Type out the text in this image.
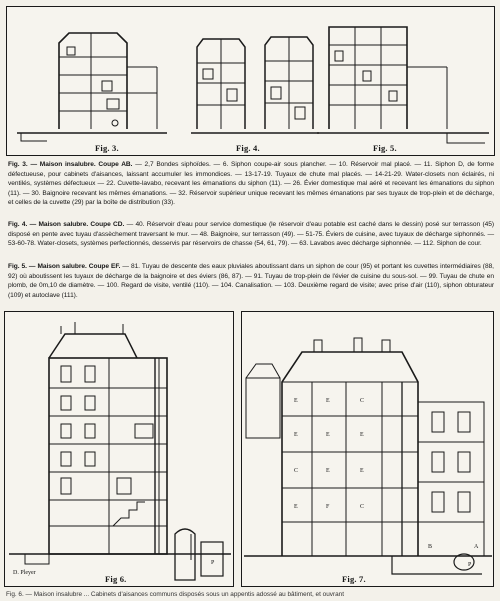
Fig. 3.	Fig. 4.	Fig. 5.
Fig. 3. — Maison insalubre. Coupe AB. — 2,7 Bondes siphoïdes. — 6. Siphon coupe-air sous plancher. — 10. Réservoir mal placé. — 11. Siphon D, de forme défectueuse, pour cabinets d'aisances, laissant accumuler les immondices. — 13-17-19. Tuyaux de chute mal placés. — 14-21-29. Water-closets non éclairés, ni ventilés, systèmes défectueux — 22. Cuvette-lavabo, recevant les émanations du siphon (11). — 26. Évier domestique mal aéré et recevant les émanations du siphon (11). — 30. Baignoire recevant les mêmes émanations. — 32. Réservoir supérieur unique recevant les mêmes émanations par ses tuyaux de trop-plein et de décharge, et celles de la cuvette (29) par la boîte de distribution (33).
Fig. 4. — Maison salubre. Coupe CD. — 40. Réservoir d'eau pour service domestique (le réservoir d'eau potable est caché dans le dessin) posé sur terrasson (45) disposé en pente avec tuyau d'assèchement traversant le mur. — 48. Baignoire, sur terrasson (49). — 51-75. Éviers de cuisine, avec tuyaux de décharge siphonnés. — 53-60-78. Water-closets, systèmes perfectionnés, desservis par réservoirs de chasse (54, 61, 79). — 63. Lavabos avec décharge siphonnée. — 112. Siphon de cour.
Fig. 5. — Maison salubre. Coupe EF. — 81. Tuyau de descente des eaux pluviales aboutissant dans un siphon de cour (95) et portant les cuvettes intermédiaires (88, 92) où aboutissent les tuyaux de décharge de la baignoire et des éviers (86, 87). — 91. Tuyau de trop-plein de l'évier de cuisine du sous-sol. — 99. Tuyau de chute en plomb, de 0m,10 de diamètre. — 100. Regard de visite, ventilé (110). — 104. Canalisation. — 103. Deuxième regard de visite; avec prise d'air (110), siphon obturateur (109) et autoclave (111).
P
D. Pleyer
Fig 6.
E	E	C
E	E	E
C	E	E
E	F	C
B	A
P
Fig. 7.
Fig. 6. — Maison insalubre ... Cabinets d'aisances communs disposés sous un appentis adossé au bâtiment, et ouvrant
